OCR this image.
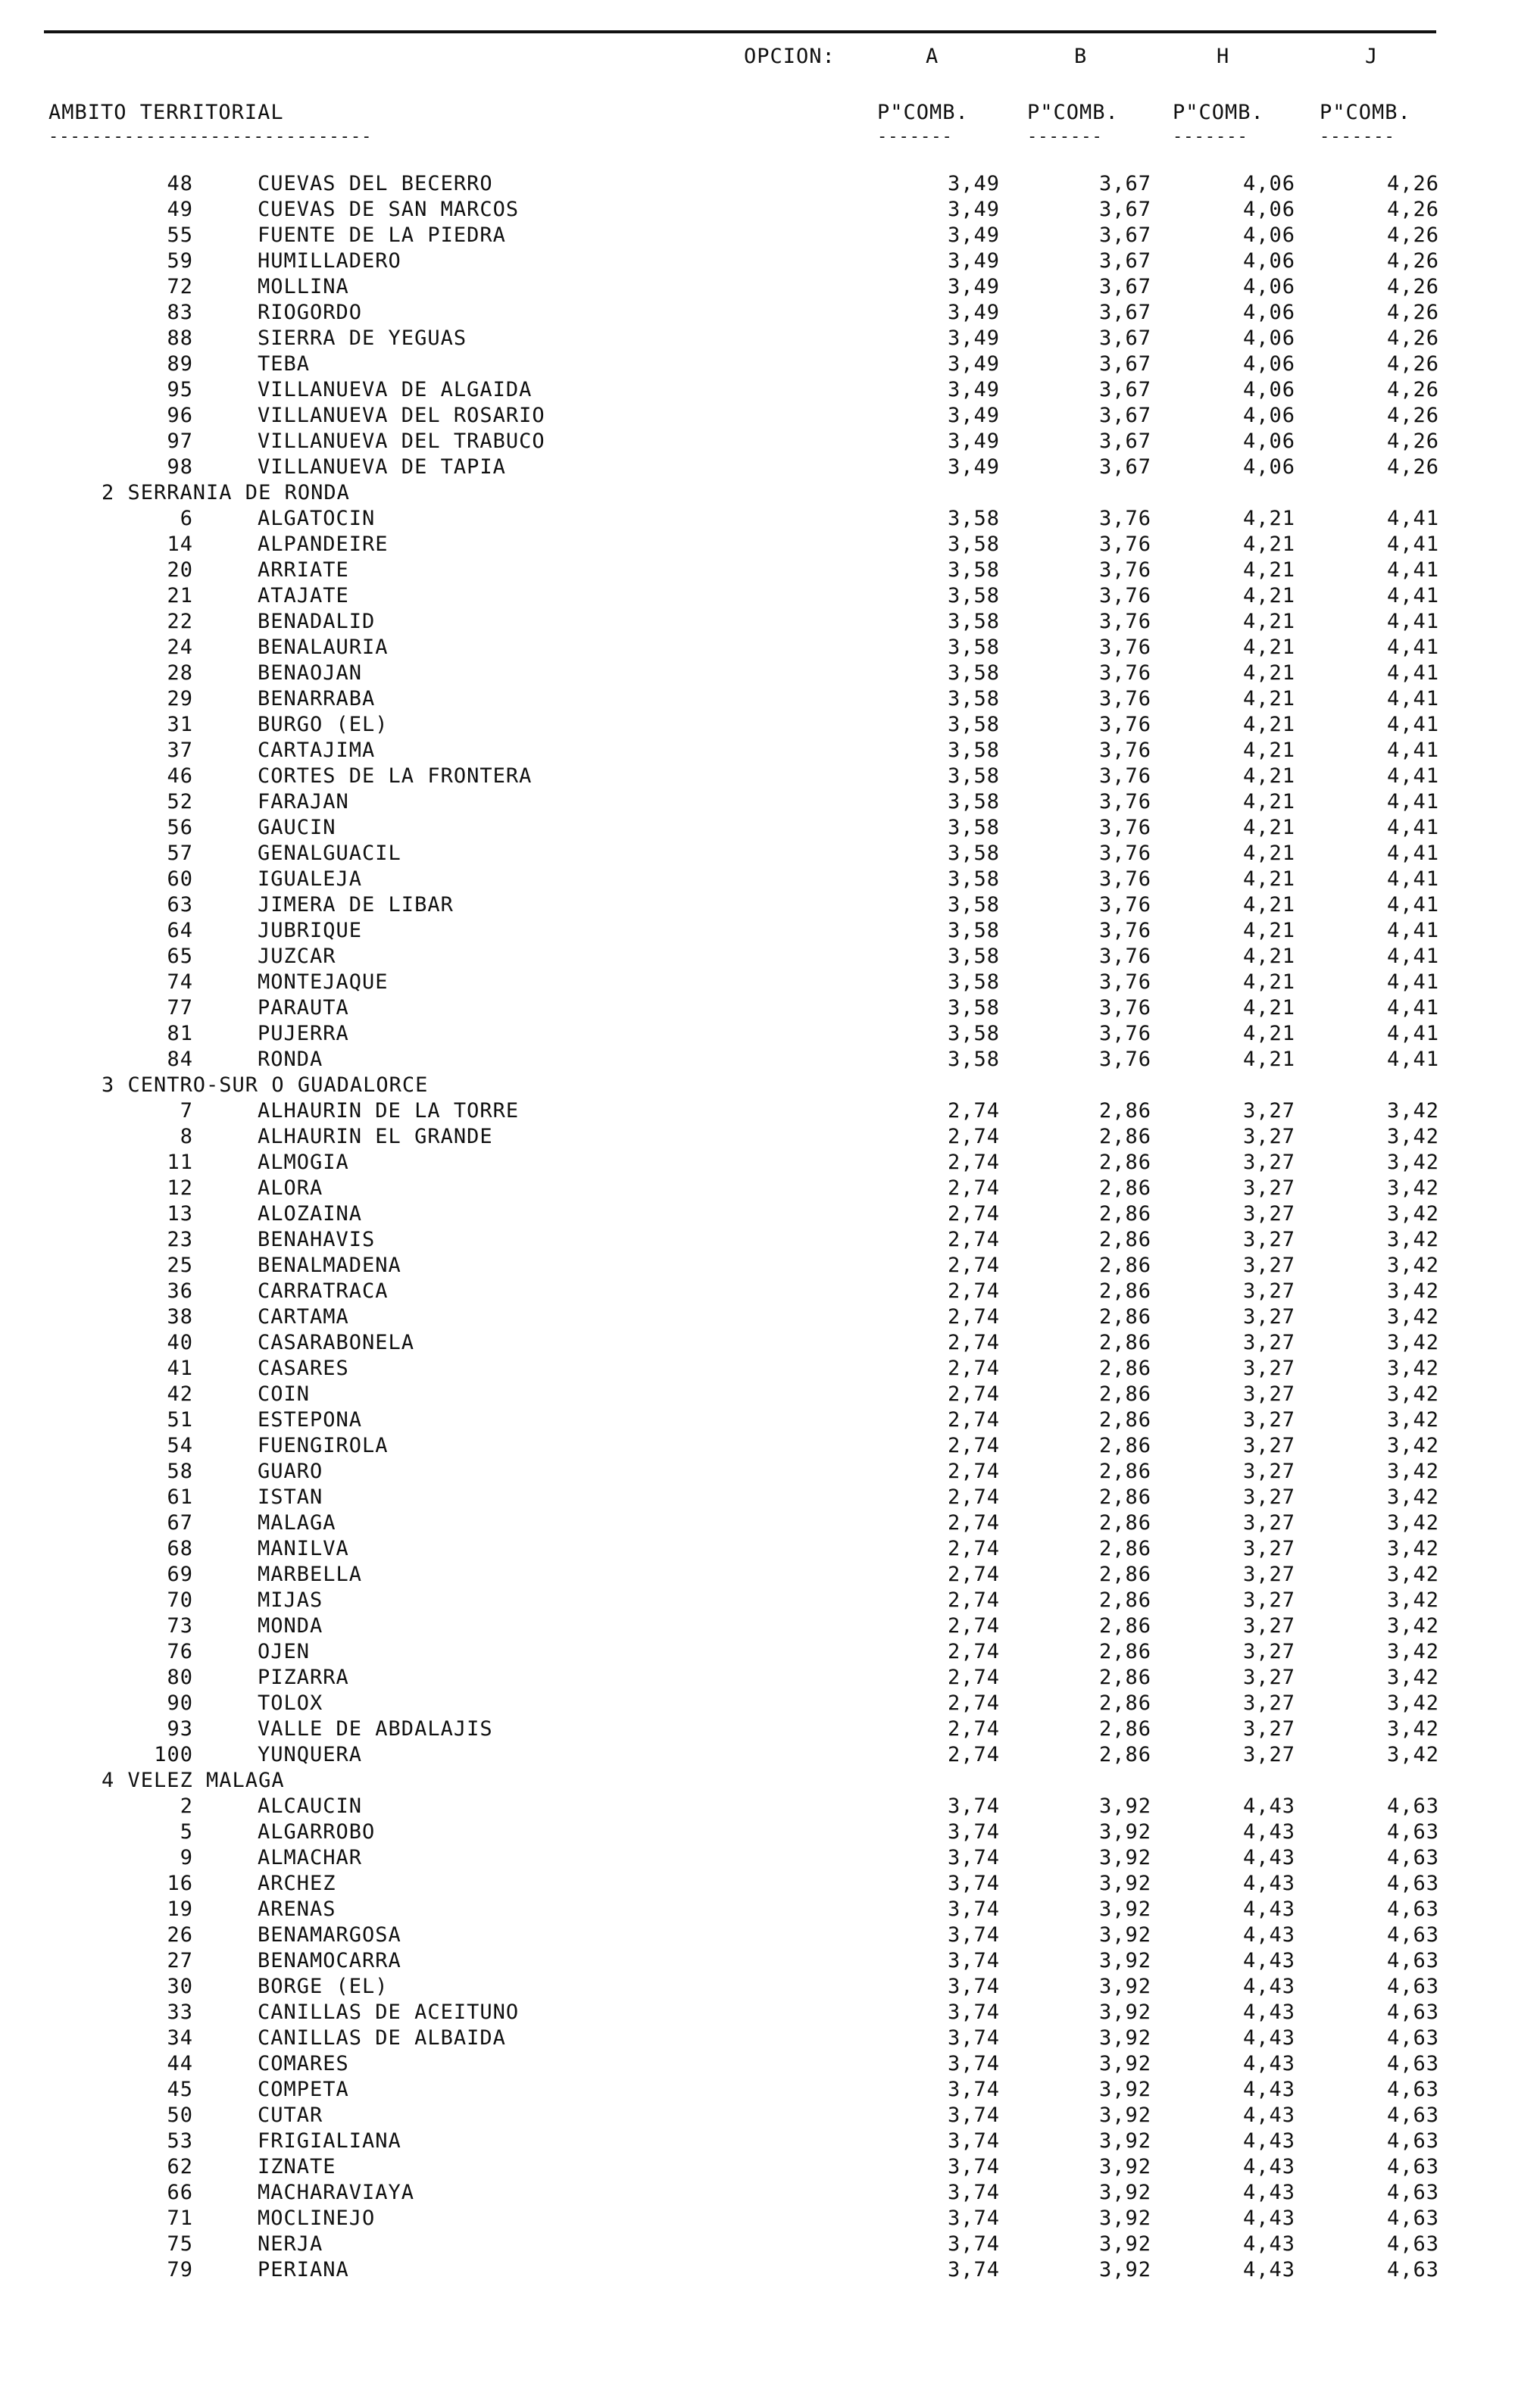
OPCION:	A	B	H	J
AMBITO TERRITORIAL
------------------------------
P"COMB.	P"COMB.	P"COMB.	P"COMB.
-------	-------	-------	-------
48	CUEVAS DEL BECERRO	3,49	3,67	4,06	4,26
49	CUEVAS DE SAN MARCOS	3,49	3,67	4,06	4,26
55	FUENTE DE LA PIEDRA	3,49	3,67	4,06	4,26
59	HUMILLADERO	3,49	3,67	4,06	4,26
72	MOLLINA	3,49	3,67	4,06	4,26
83	RIOGORDO	3,49	3,67	4,06	4,26
88	SIERRA DE YEGUAS	3,49	3,67	4,06	4,26
89	TEBA	3,49	3,67	4,06	4,26
95	VILLANUEVA DE ALGAIDA	3,49	3,67	4,06	4,26
96	VILLANUEVA DEL ROSARIO	3,49	3,67	4,06	4,26
97	VILLANUEVA DEL TRABUCO	3,49	3,67	4,06	4,26
98	VILLANUEVA DE TAPIA	3,49	3,67	4,06	4,26
2 SERRANIA DE RONDA
6	ALGATOCIN	3,58	3,76	4,21	4,41
14	ALPANDEIRE	3,58	3,76	4,21	4,41
20	ARRIATE	3,58	3,76	4,21	4,41
21	ATAJATE	3,58	3,76	4,21	4,41
22	BENADALID	3,58	3,76	4,21	4,41
24	BENALAURIA	3,58	3,76	4,21	4,41
28	BENAOJAN	3,58	3,76	4,21	4,41
29	BENARRABA	3,58	3,76	4,21	4,41
31	BURGO (EL)	3,58	3,76	4,21	4,41
37	CARTAJIMA	3,58	3,76	4,21	4,41
46	CORTES DE LA FRONTERA	3,58	3,76	4,21	4,41
52	FARAJAN	3,58	3,76	4,21	4,41
56	GAUCIN	3,58	3,76	4,21	4,41
57	GENALGUACIL	3,58	3,76	4,21	4,41
60	IGUALEJA	3,58	3,76	4,21	4,41
63	JIMERA DE LIBAR	3,58	3,76	4,21	4,41
64	JUBRIQUE	3,58	3,76	4,21	4,41
65	JUZCAR	3,58	3,76	4,21	4,41
74	MONTEJAQUE	3,58	3,76	4,21	4,41
77	PARAUTA	3,58	3,76	4,21	4,41
81	PUJERRA	3,58	3,76	4,21	4,41
84	RONDA	3,58	3,76	4,21	4,41
3 CENTRO-SUR O GUADALORCE
7	ALHAURIN DE LA TORRE	2,74	2,86	3,27	3,42
8	ALHAURIN EL GRANDE	2,74	2,86	3,27	3,42
11	ALMOGIA	2,74	2,86	3,27	3,42
12	ALORA	2,74	2,86	3,27	3,42
13	ALOZAINA	2,74	2,86	3,27	3,42
23	BENAHAVIS	2,74	2,86	3,27	3,42
25	BENALMADENA	2,74	2,86	3,27	3,42
36	CARRATRACA	2,74	2,86	3,27	3,42
38	CARTAMA	2,74	2,86	3,27	3,42
40	CASARABONELA	2,74	2,86	3,27	3,42
41	CASARES	2,74	2,86	3,27	3,42
42	COIN	2,74	2,86	3,27	3,42
51	ESTEPONA	2,74	2,86	3,27	3,42
54	FUENGIROLA	2,74	2,86	3,27	3,42
58	GUARO	2,74	2,86	3,27	3,42
61	ISTAN	2,74	2,86	3,27	3,42
67	MALAGA	2,74	2,86	3,27	3,42
68	MANILVA	2,74	2,86	3,27	3,42
69	MARBELLA	2,74	2,86	3,27	3,42
70	MIJAS	2,74	2,86	3,27	3,42
73	MONDA	2,74	2,86	3,27	3,42
76	OJEN	2,74	2,86	3,27	3,42
80	PIZARRA	2,74	2,86	3,27	3,42
90	TOLOX	2,74	2,86	3,27	3,42
93	VALLE DE ABDALAJIS	2,74	2,86	3,27	3,42
100	YUNQUERA	2,74	2,86	3,27	3,42
4 VELEZ MALAGA
2	ALCAUCIN	3,74	3,92	4,43	4,63
5	ALGARROBO	3,74	3,92	4,43	4,63
9	ALMACHAR	3,74	3,92	4,43	4,63
16	ARCHEZ	3,74	3,92	4,43	4,63
19	ARENAS	3,74	3,92	4,43	4,63
26	BENAMARGOSA	3,74	3,92	4,43	4,63
27	BENAMOCARRA	3,74	3,92	4,43	4,63
30	BORGE (EL)	3,74	3,92	4,43	4,63
33	CANILLAS DE ACEITUNO	3,74	3,92	4,43	4,63
34	CANILLAS DE ALBAIDA	3,74	3,92	4,43	4,63
44	COMARES	3,74	3,92	4,43	4,63
45	COMPETA	3,74	3,92	4,43	4,63
50	CUTAR	3,74	3,92	4,43	4,63
53	FRIGIALIANA	3,74	3,92	4,43	4,63
62	IZNATE	3,74	3,92	4,43	4,63
66	MACHARAVIAYA	3,74	3,92	4,43	4,63
71	MOCLINEJO	3,74	3,92	4,43	4,63
75	NERJA	3,74	3,92	4,43	4,63
79	PERIANA	3,74	3,92	4,43	4,63
